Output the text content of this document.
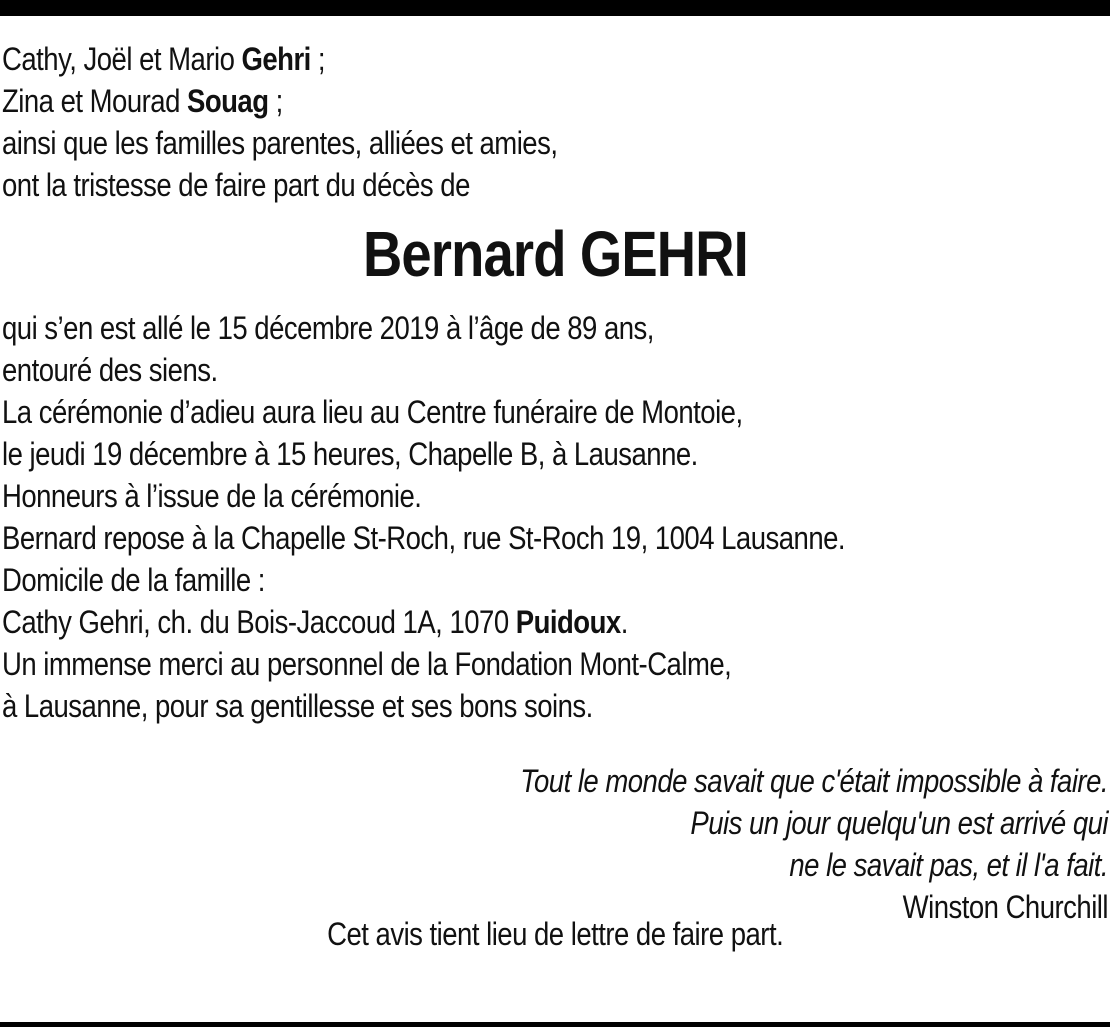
Cathy, Joël et Mario Gehri ;
Zina et Mourad Souag ;
ainsi que les familles parentes, alliées et amies,
ont la tristesse de faire part du décès de
Bernard GEHRI
qui s’en est allé le 15 décembre 2019 à l’âge de 89 ans,
entouré des siens.
La cérémonie d’adieu aura lieu au Centre funéraire de Montoie,
le jeudi 19 décembre à 15 heures, Chapelle B, à Lausanne.
Honneurs à l’issue de la cérémonie.
Bernard repose à la Chapelle St-Roch, rue St-Roch 19, 1004 Lausanne.
Domicile de la famille :
Cathy Gehri, ch. du Bois-Jaccoud 1A, 1070 Puidoux.
Un immense merci au personnel de la Fondation Mont-Calme,
à Lausanne, pour sa gentillesse et ses bons soins.
Tout le monde savait que c'était impossible à faire.
Puis un jour quelqu'un est arrivé qui
ne le savait pas, et il l'a fait.
Winston Churchill
Cet avis tient lieu de lettre de faire part.
